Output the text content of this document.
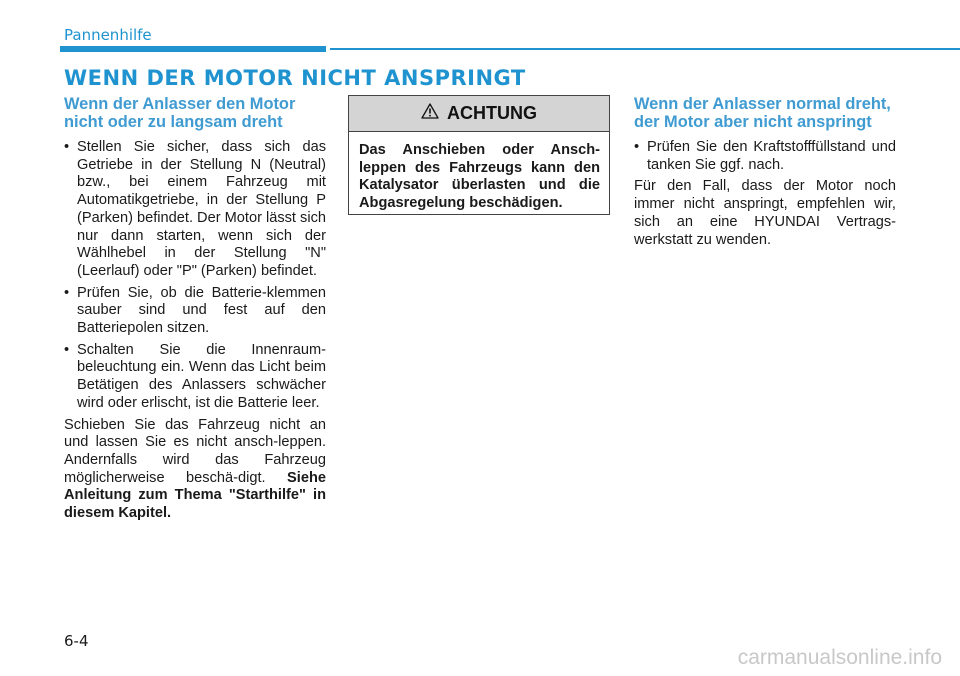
Pannenhilfe
WENN DER MOTOR NICHT ANSPRINGT
Wenn der Anlasser den Motor nicht oder zu langsam dreht
• Stellen Sie sicher, dass sich das Getriebe in der Stellung N (Neutral) bzw., bei einem Fahrzeug mit Automatikgetriebe, in der Stellung P (Parken) befindet. Der Motor lässt sich nur dann starten, wenn sich der Wählhebel in der Stellung "N" (Leerlauf) oder "P" (Parken) befindet.
• Prüfen Sie, ob die Batterie-klemmen sauber sind und fest auf den Batteriepolen sitzen.
• Schalten Sie die Innenraum-beleuchtung ein. Wenn das Licht beim Betätigen des Anlassers schwächer wird oder erlischt, ist die Batterie leer.

Schieben Sie das Fahrzeug nicht an und lassen Sie es nicht ansch-leppen. Andernfalls wird das Fahrzeug möglicherweise beschä-digt. Siehe Anleitung zum Thema "Starthilfe" in diesem Kapitel.

ACHTUNG
Das Anschieben oder Ansch-leppen des Fahrzeugs kann den Katalysator überlasten und die Abgasregelung beschädigen.
Wenn der Anlasser normal dreht, der Motor aber nicht anspringt
• Prüfen Sie den Kraftstofffüllstand und tanken Sie ggf. nach.

Für den Fall, dass der Motor noch immer nicht anspringt, empfehlen wir, sich an eine HYUNDAI Vertrags-werkstatt zu wenden.

6-4
carmanualsonline.info
